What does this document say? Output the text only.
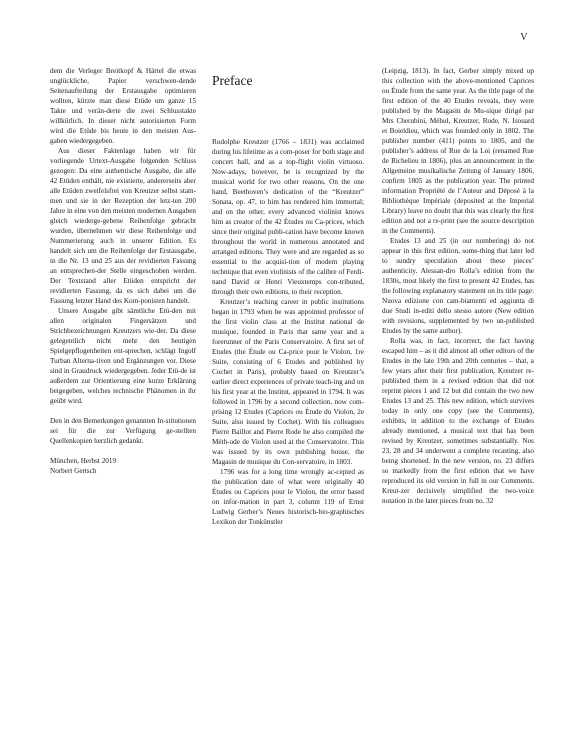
V

dem die Verleger Breitkopf & Härtel die etwas unglückliche, Papier verschwen-dende Seitenaufteilung der Erstausgabe optimieren wollten, kürzte man diese Etüde um ganze 15 Takte und verän-derte die zwei Schlusstakte willkürlich. In dieser nicht autorisierten Form wird die Etüde bis heute in den meisten Aus-gaben wiedergegeben.

Aus dieser Faktenlage haben wir für vorliegende Urtext-Ausgabe folgenden Schluss gezogen: Da eine authentische Ausgabe, die alle 42 Etüden enthält, nie existierte, andererseits aber alle Etüden zweifelsfrei von Kreutzer selbst stam-men und sie in der Rezeption der letz-ten 200 Jahre in eine von den meisten modernen Ausgaben gleich wiederge-gebene Reihenfolge gebracht wurden, übernehmen wir diese Reihenfolge und Nummerierung auch in unserer Edition. Es handelt sich um die Reihenfolge der Erstausgabe, in die Nr. 13 und 25 aus der revidierten Fassung an entsprechen-der Stelle eingeschoben werden. Der Textstand aller Etüden entspricht der revidierten Fassung, da es sich dabei um die Fassung letzter Hand des Kom-ponisten handelt.

Unsere Ausgabe gibt sämtliche Etü-den mit allen originalen Fingersätzen und Strichbezeichnungen Kreutzers wie-der. Da diese gelegentlich nicht mehr den heutigen Spielgepflogenheiten ent-sprechen, schlägt Ingolf Turban Alterna-tiven und Ergänzungen vor. Diese sind in Graudruck wiedergegeben. Jeder Etü-de ist außerdem zur Orientierung eine kurze Erklärung beigegeben, welches technische Phänomen in ihr geübt wird.

Den in den Bemerkungen genannten In-stitutionen sei für die zur Verfügung ge-stellten Quellenkopien herzlich gedankt.

München, Herbst 2019

Norbert Gertsch

Preface

Rodolphe Kreutzer (1766 – 1831) was acclaimed during his lifetime as a com-poser for both stage and concert hall, and as a top-flight violin virtuoso. Now-adays, however, he is recognized by the musical world for two other reasons. On the one hand, Beethoven’s dedication of the “Kreutzer” Sonata, op. 47, to him has rendered him immortal; and on the other, every advanced violinist knows him as creator of the 42 Études ou Ca-prices, which since their original publi-cation have become known throughout the world in numerous annotated and arranged editions. They were and are regarded as so essential to the acquisi-tion of modern playing technique that even violinists of the calibre of Ferdi-nand David or Henri Vieuxtemps con-tributed, through their own editions, to their reception.

Kreutzer’s teaching career in public institutions began in 1793 when he was appointed professor of the first violin class at the Institut national de musique, founded in Paris that same year and a forerunner of the Paris Conservatoire. A first set of Etudes (the Étude ou Ca-price pour le Violon, 1re Suite, consisting of 6 Etudes and published by Cochet in Paris), probably based on Kreutzer’s earlier direct experiences of private teach-ing and on his first year at the Institut, appeared in 1794. It was followed in 1796 by a second collection, now com-prising 12 Etudes (Caprices ou Étude du Violon, 2e Suite, also issued by Cochet). With his colleagues Pierre Baillot and Pierre Rode he also compiled the Méth-ode de Violon used at the Conservatoire. This was issued by its own publishing house, the Magasin de musique du Con-servatoire, in 1803.

1796 was for a long time wrongly ac-cepted as the publication date of what were originally 40 Études ou Caprices pour le Violon, the error based on infor-mation in part 3, column 119 of Ernst Ludwig Gerber’s Neues historisch-bio-graphisches Lexikon der Tonkünstler

(Leipzig, 1813). In fact, Gerber simply mixed up this collection with the above-mentioned Caprices ou Étude from the same year. As the title page of the first edition of the 40 Etudes reveals, they were published by the Magasin de Mu-sique dirigé par Mrs Cherubini, Méhul, Kreutzer, Rode, N. Isouard et Boieldieu, which was founded only in 1802. The publisher number (411) points to 1805, and the publisher’s address of Rue de la Loi (renamed Rue de Richelieu in 1806), plus an announcement in the Allgemeine musikalische Zeitung of January 1806, confirm 1805 as the publication year. The printed information Propriété de l’Auteur and Déposé à la Bibliothèque Impériale (deposited at the Imperial Library) leave no doubt that this was clearly the first edition and not a re-print (see the source description in the Comments).

Etudes 13 and 25 (in our numbering) do not appear in this first edition, some-thing that later led to sundry speculation about these pieces’ authenticity. Alessan-dro Rolla’s edition from the 1830s, most likely the first to present 42 Etudes, has the following explanatory statement on its title page: Nuova edizione con cam-biamenti ed aggiunta di due Studi in-editi dello stesso autore (New edition with revisions, supplemented by two un-published Etudes by the same author).

Rolla was, in fact, incorrect, the fact having escaped him – as it did almost all other editors of the Etudes in the late 19th and 20th centuries – that, a few years after their first publication, Kreutzer re-published them in a revised edition that did not reprint pieces 1 and 12 but did contain the two new Etudes 13 and 25. This new edition, which survives today in only one copy (see the Comments), exhibits, in addition to the exchange of Etudes already mentioned, a musical text that has been revised by Kreutzer, sometimes substantially. Nos 23, 28 and 34 underwent a complete recasting, also being shortened. In the new version, no. 23 differs so markedly from the first edition that we have reproduced its old version in full in our Comments. Kreut-zer decisively simplified the two-voice notation in the later pieces from no. 32
